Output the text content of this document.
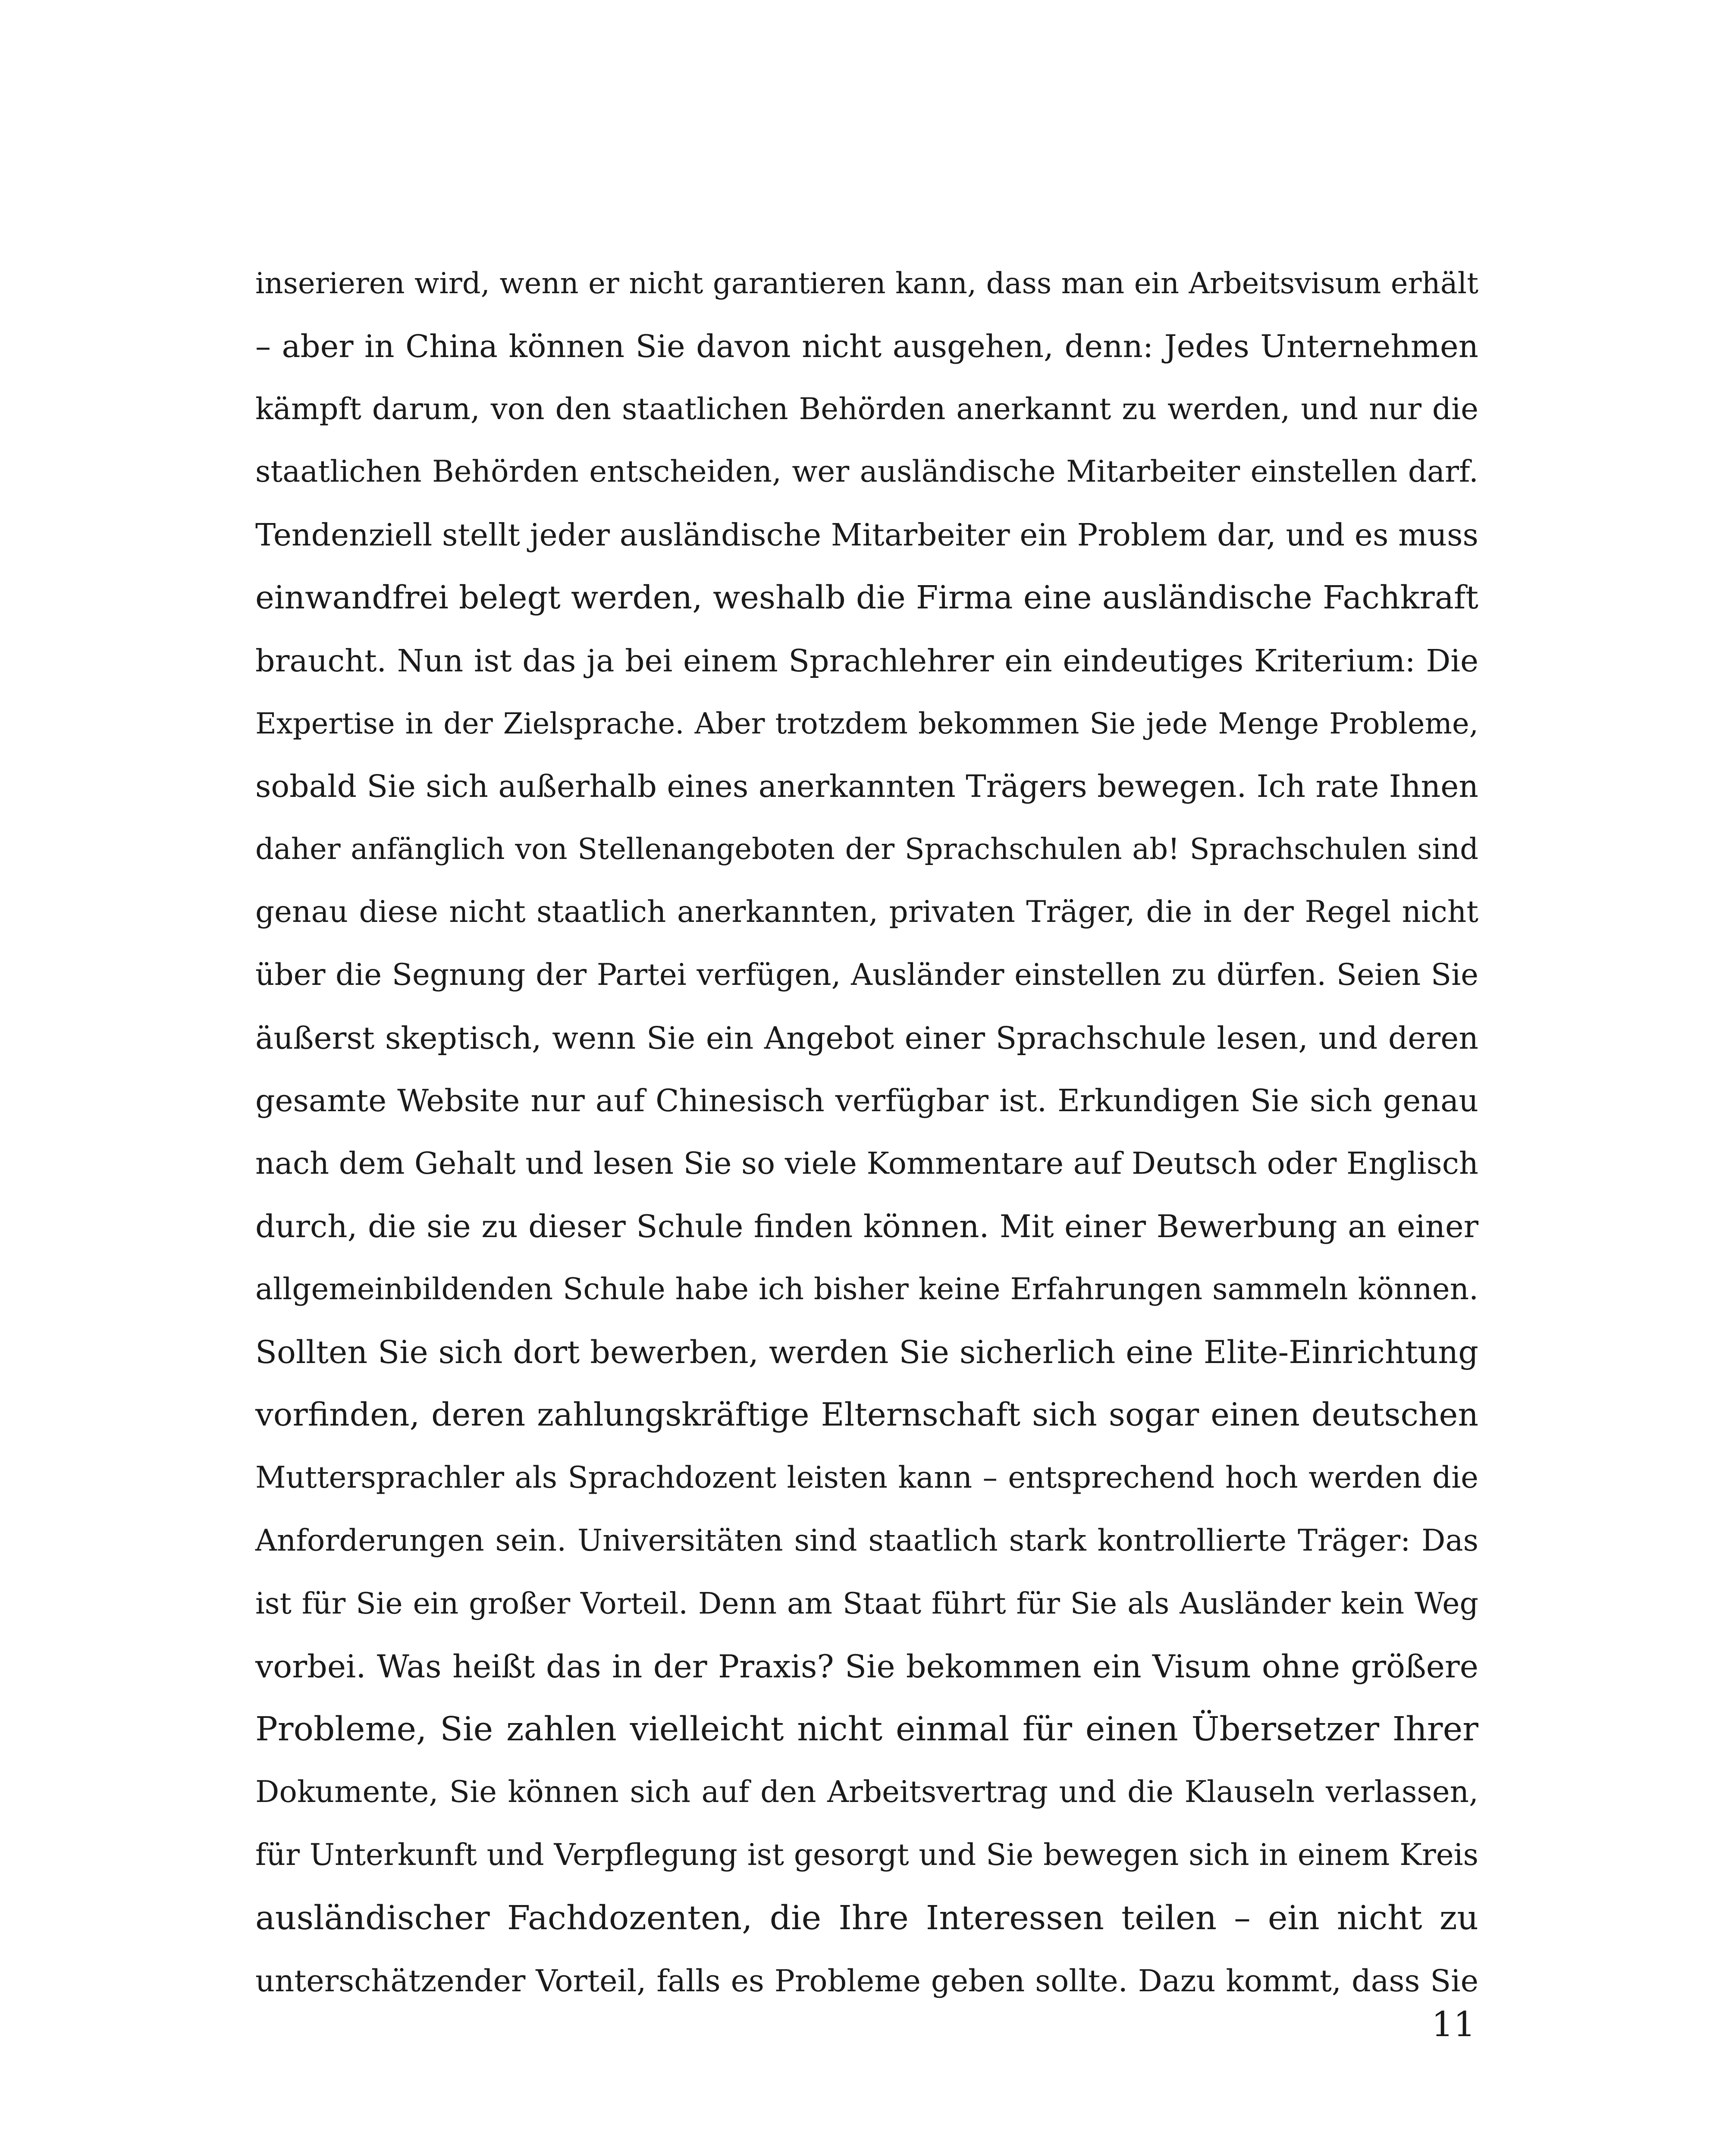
inserieren wird, wenn er nicht garantieren kann, dass man ein Arbeitsvisum erhält
– aber in China können Sie davon nicht ausgehen, denn: Jedes Unternehmen
kämpft darum, von den staatlichen Behörden anerkannt zu werden, und nur die
staatlichen Behörden entscheiden, wer ausländische Mitarbeiter einstellen darf.
Tendenziell stellt jeder ausländische Mitarbeiter ein Problem dar, und es muss
einwandfrei belegt werden, weshalb die Firma eine ausländische Fachkraft
braucht. Nun ist das ja bei einem Sprachlehrer ein eindeutiges Kriterium: Die
Expertise in der Zielsprache. Aber trotzdem bekommen Sie jede Menge Probleme,
sobald Sie sich außerhalb eines anerkannten Trägers bewegen. Ich rate Ihnen
daher anfänglich von Stellenangeboten der Sprachschulen ab! Sprachschulen sind
genau diese nicht staatlich anerkannten, privaten Träger, die in der Regel nicht
über die Segnung der Partei verfügen, Ausländer einstellen zu dürfen. Seien Sie
äußerst skeptisch, wenn Sie ein Angebot einer Sprachschule lesen, und deren
gesamte Website nur auf Chinesisch verfügbar ist. Erkundigen Sie sich genau
nach dem Gehalt und lesen Sie so viele Kommentare auf Deutsch oder Englisch
durch, die sie zu dieser Schule finden können. Mit einer Bewerbung an einer
allgemeinbildenden Schule habe ich bisher keine Erfahrungen sammeln können.
Sollten Sie sich dort bewerben, werden Sie sicherlich eine Elite-Einrichtung
vorfinden, deren zahlungskräftige Elternschaft sich sogar einen deutschen
Muttersprachler als Sprachdozent leisten kann – entsprechend hoch werden die
Anforderungen sein. Universitäten sind staatlich stark kontrollierte Träger: Das
ist für Sie ein großer Vorteil. Denn am Staat führt für Sie als Ausländer kein Weg
vorbei. Was heißt das in der Praxis? Sie bekommen ein Visum ohne größere
Probleme, Sie zahlen vielleicht nicht einmal für einen Übersetzer Ihrer
Dokumente, Sie können sich auf den Arbeitsvertrag und die Klauseln verlassen,
für Unterkunft und Verpflegung ist gesorgt und Sie bewegen sich in einem Kreis
ausländischer Fachdozenten, die Ihre Interessen teilen – ein nicht zu
unterschätzender Vorteil, falls es Probleme geben sollte. Dazu kommt, dass Sie
11
